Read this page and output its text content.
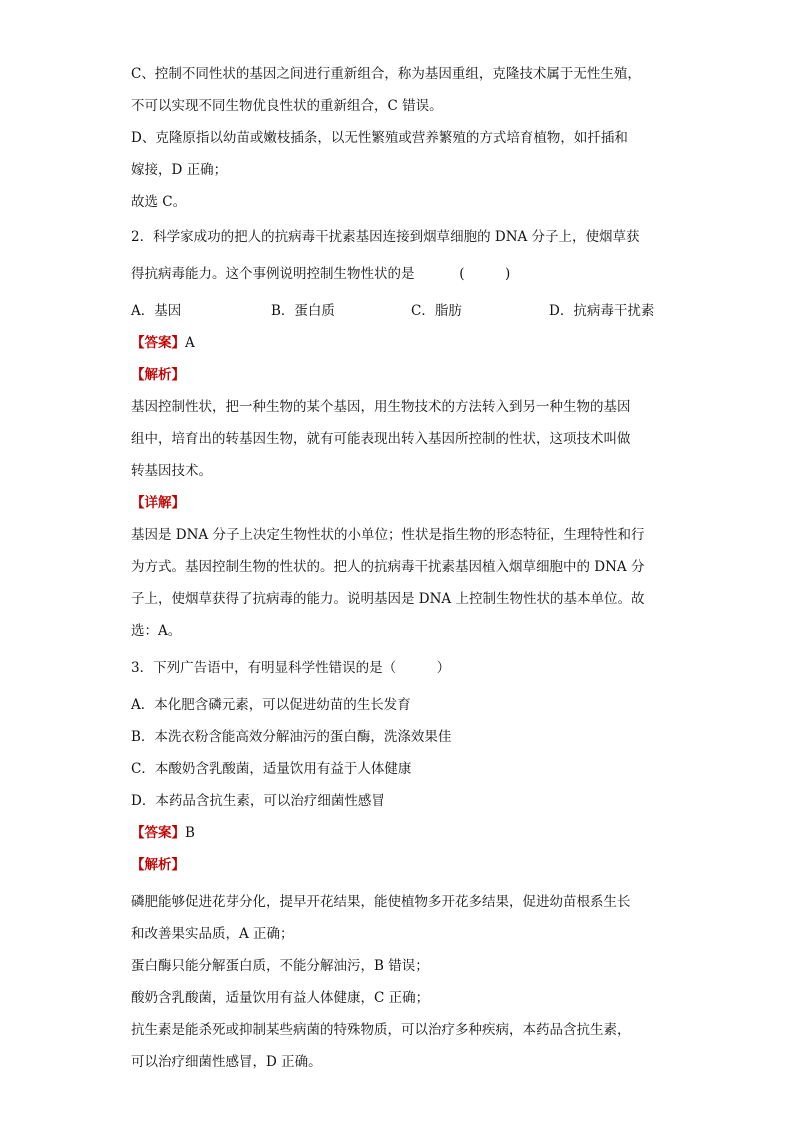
C、控制不同性状的基因之间进行重新组合，称为基因重组，克隆技术属于无性生殖，
不可以实现不同生物优良性状的重新组合，C 错误。
D、克隆原指以幼苗或嫩枝插条，以无性繁殖或营养繁殖的方式培育植物，如扦插和
嫁接，D 正确；
故选 C。
2．科学家成功的把人的抗病毒干扰素基因连接到烟草细胞的 DNA 分子上，使烟草获
得抗病毒能力。这个事例说明控制生物性状的是 　　　(　　　)
A．基因	B．蛋白质	C．脂肪	D．抗病毒干扰素
【答案】A
【解析】
基因控制性状，把一种生物的某个基因，用生物技术的方法转入到另一种生物的基因
组中，培育出的转基因生物，就有可能表现出转入基因所控制的性状，这项技术叫做
转基因技术。
【详解】
基因是 DNA 分子上决定生物性状的小单位；性状是指生物的形态特征，生理特性和行
为方式。基因控制生物的性状的。把人的抗病毒干扰素基因植入烟草细胞中的 DNA 分
子上，使烟草获得了抗病毒的能力。说明基因是 DNA 上控制生物性状的基本单位。故
选：A。
3．下列广告语中，有明显科学性错误的是（　　　）
A．本化肥含磷元素，可以促进幼苗的生长发育
B．本洗衣粉含能高效分解油污的蛋白酶，洗涤效果佳
C．本酸奶含乳酸菌，适量饮用有益于人体健康
D．本药品含抗生素，可以治疗细菌性感冒
【答案】B
【解析】
磷肥能够促进花芽分化，提早开花结果，能使植物多开花多结果，促进幼苗根系生长
和改善果实品质，A 正确；
蛋白酶只能分解蛋白质，不能分解油污，B 错误；
酸奶含乳酸菌，适量饮用有益人体健康，C 正确；
抗生素是能杀死或抑制某些病菌的特殊物质，可以治疗多种疾病，本药品含抗生素，
可以治疗细菌性感冒，D 正确。
